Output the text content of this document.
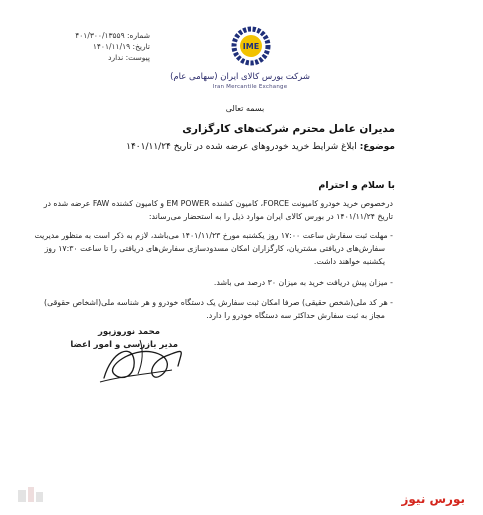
شماره: ۴۰۱/۳۰۰/۱۳۵۵۹
تاریخ: ۱۴۰۱/۱۱/۱۹
پیوست: ندارد
IME
شرکت بورس کالای ایران (سهامی عام)
Iran Mercantile Exchange
بسمه تعالی
مدیران عامل محترم شرکت‌های کارگزاری
موضوع: ابلاغ شرایط خرید خودروهای عرضه شده در تاریخ ۱۴۰۱/۱۱/۲۴
با سلام و احترام
درخصوص خرید خودرو کامیونت FORCE، کامیون کشنده EM POWER و کامیون کشنده FAW عرضه شده در
تاریخ ۱۴۰۱/۱۱/۲۴ در بورس کالای ایران موارد ذیل را به استحضار می‌رساند:
- مهلت ثبت سفارش ساعت ۱۷:۰۰ روز یکشنبه مورخ ۱۴۰۱/۱۱/۲۳ می‌باشد، لازم به ذکر است به منظور مدیریت
سفارش‌های دریافتی مشتریان، کارگزاران امکان مسدودسازی سفارش‌های دریافتی را تا ساعت ۱۷:۳۰ روز
یکشنبه خواهند داشت.
- میزان پیش دریافت خرید به میزان ۳۰ درصد می باشد.
- هر کد ملی(شخص حقیقی) صرفا امکان ثبت سفارش یک دستگاه خودرو و هر شناسه ملی(اشخاص حقوقی)
مجاز به ثبت سفارش حداکثر سه دستگاه خودرو را دارد.
محمد نوروزپور
مدیر بازرسی و امور اعضا
بورس نیوز
